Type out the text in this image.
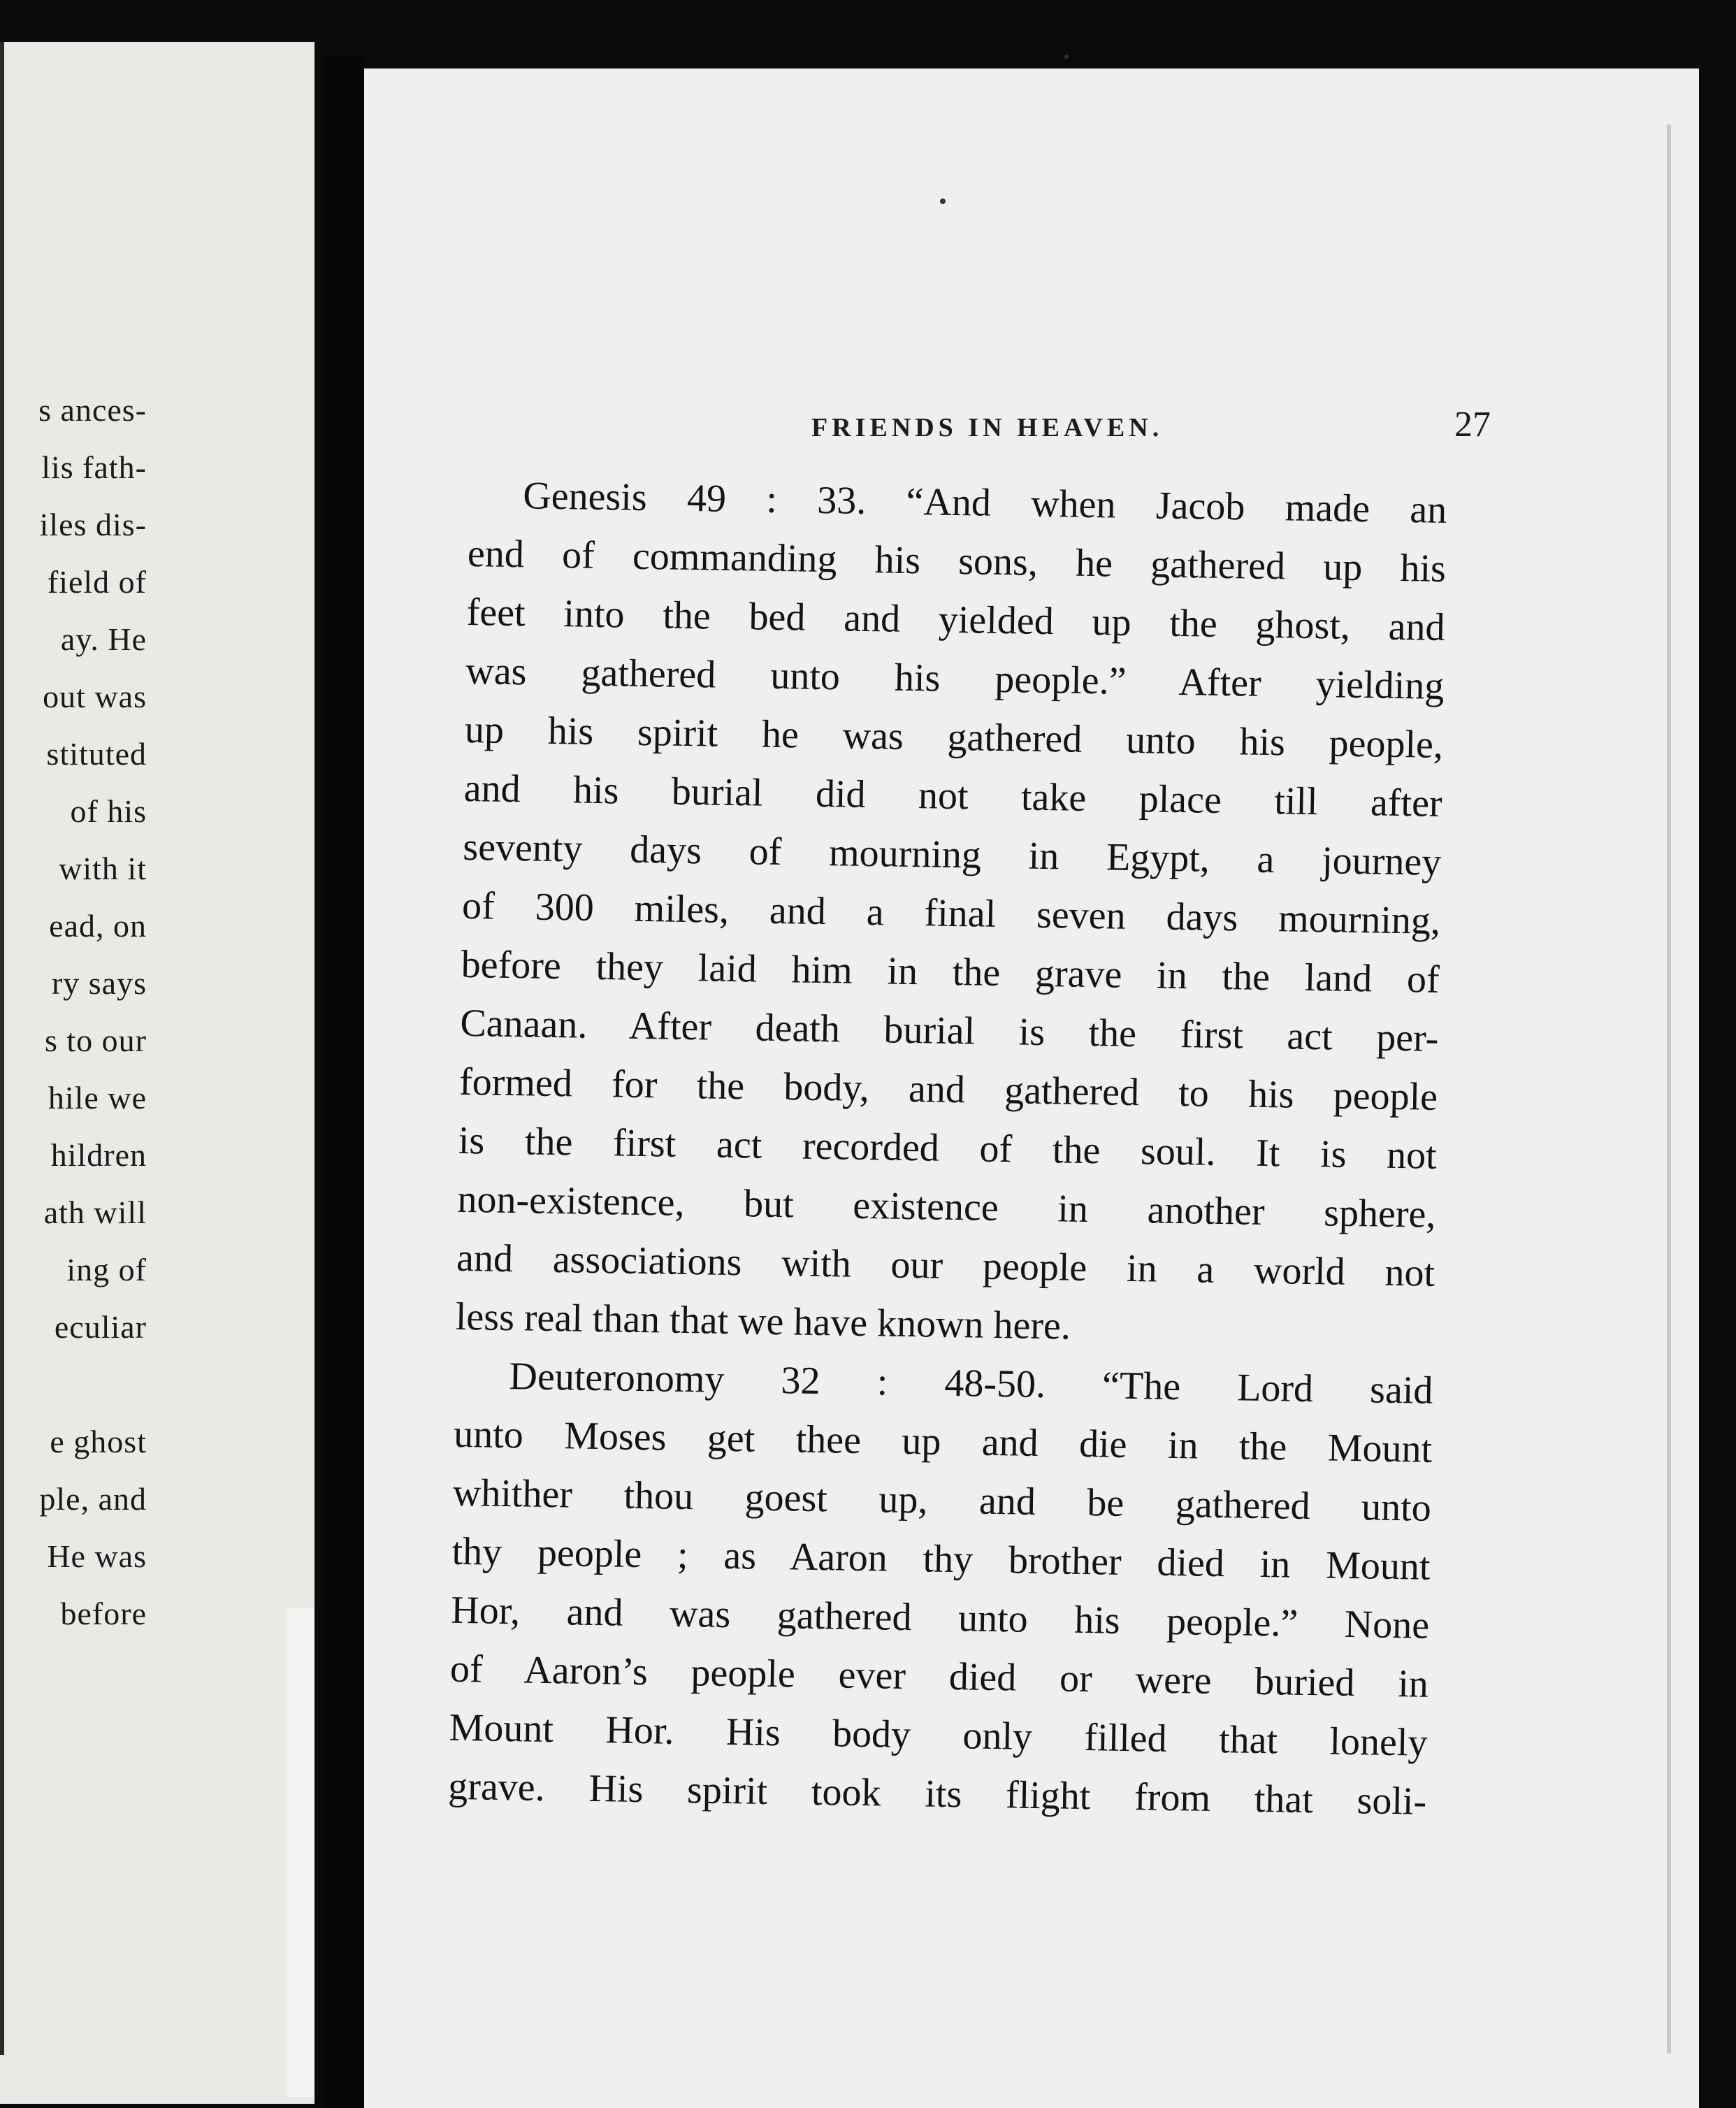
s ances-
lis fath-
iles dis-
field of
ay. He
out was
stituted
of his
with it
ead, on
ry says
s to our
hile we
hildren
ath will
ing of
eculiar
e ghost
ple, and
He was
before
FRIENDS IN HEAVEN.	27
Genesis 49 : 33. “And when Jacob made an
end of commanding his sons, he gathered up his
feet into the bed and yielded up the ghost, and
was gathered unto his people.” After yielding
up his spirit he was gathered unto his people,
and his burial did not take place till after
seventy days of mourning in Egypt, a journey
of 300 miles, and a final seven days mourning,
before they laid him in the grave in the land of
Canaan. After death burial is the first act per-
formed for the body, and gathered to his people
is the first act recorded of the soul. It is not
non-existence, but existence in another sphere,
and associations with our people in a world not
less real than that we have known here.
Deuteronomy 32 : 48-50. “The Lord said
unto Moses get thee up and die in the Mount
whither thou goest up, and be gathered unto
thy people ; as Aaron thy brother died in Mount
Hor, and was gathered unto his people.” None
of Aaron’s people ever died or were buried in
Mount Hor. His body only filled that lonely
grave. His spirit took its flight from that soli-
